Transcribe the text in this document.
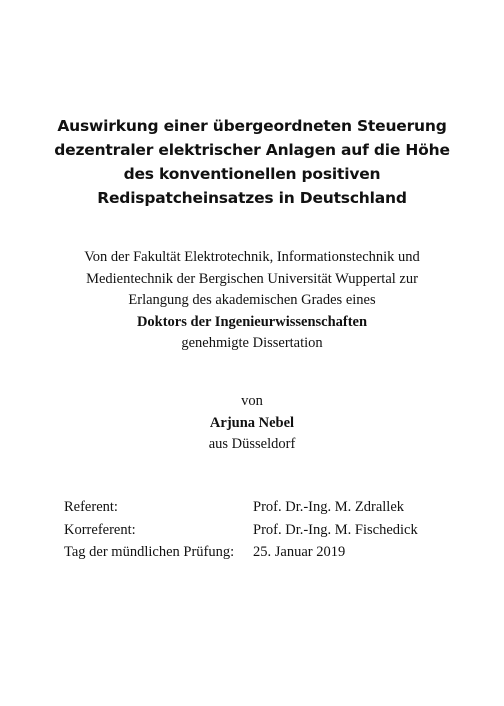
Auswirkung einer übergeordneten Steuerung
dezentraler elektrischer Anlagen auf die Höhe
des konventionellen positiven
Redispatcheinsatzes in Deutschland
Von der Fakultät Elektrotechnik, Informationstechnik und
Medientechnik der Bergischen Universität Wuppertal zur
Erlangung des akademischen Grades eines
Doktors der Ingenieurwissenschaften
genehmigte Dissertation
von
Arjuna Nebel
aus Düsseldorf
Referent:	Prof. Dr.-Ing. M. Zdrallek
Korreferent:	Prof. Dr.-Ing. M. Fischedick
Tag der mündlichen Prüfung: 25. Januar 2019
